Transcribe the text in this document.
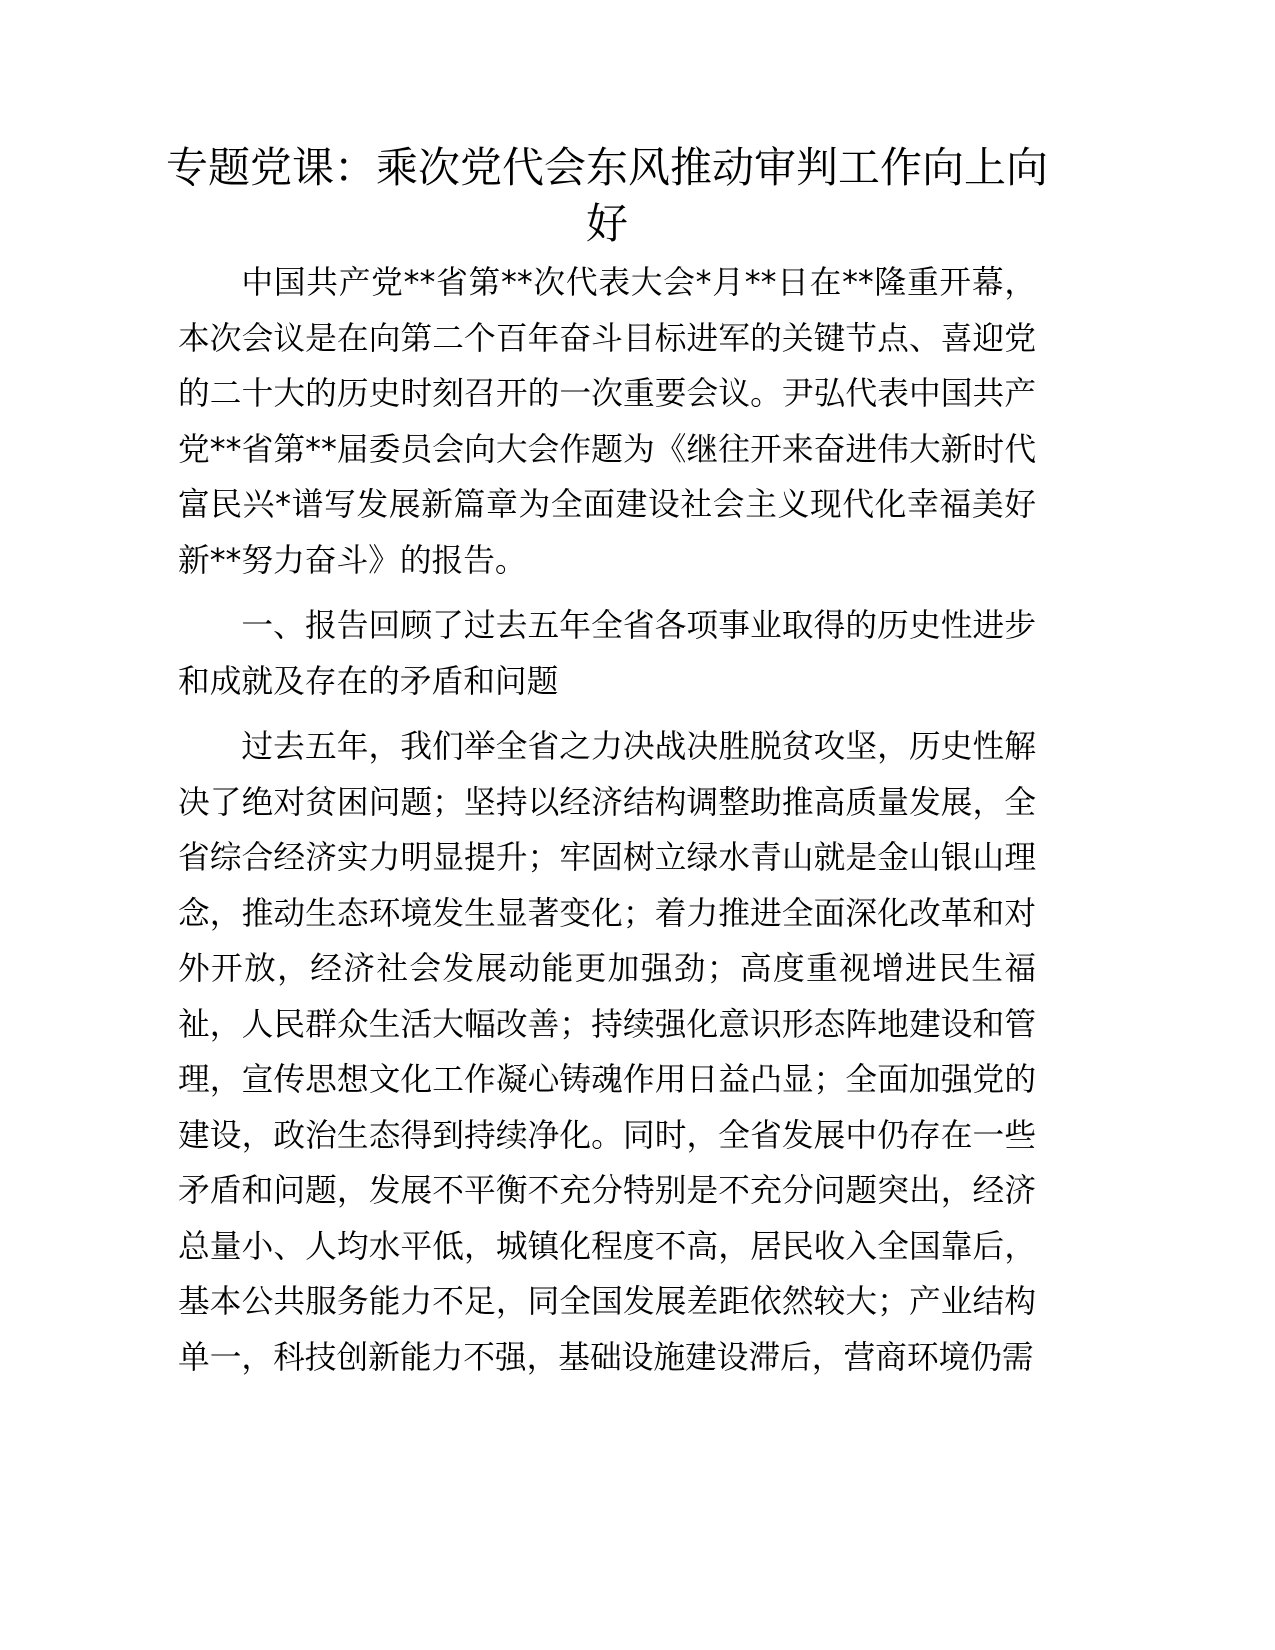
专题党课：乘次党代会东风推动审判工作向上向好

中国共产党**省第**次代表大会*月**日在**隆重开幕，本次会议是在向第二个百年奋斗目标进军的关键节点、喜迎党的二十大的历史时刻召开的一次重要会议。尹弘代表中国共产党**省第**届委员会向大会作题为《继往开来奋进伟大新时代富民兴*谱写发展新篇章为全面建设社会主义现代化幸福美好新**努力奋斗》的报告。

一、报告回顾了过去五年全省各项事业取得的历史性进步和成就及存在的矛盾和问题

过去五年，我们举全省之力决战决胜脱贫攻坚，历史性解决了绝对贫困问题；坚持以经济结构调整助推高质量发展，全省综合经济实力明显提升；牢固树立绿水青山就是金山银山理念，推动生态环境发生显著变化；着力推进全面深化改革和对外开放，经济社会发展动能更加强劲；高度重视增进民生福祉，人民群众生活大幅改善；持续强化意识形态阵地建设和管理，宣传思想文化工作凝心铸魂作用日益凸显；全面加强党的建设，政治生态得到持续净化。同时，全省发展中仍存在一些矛盾和问题，发展不平衡不充分特别是不充分问题突出，经济总量小、人均水平低，城镇化程度不高，居民收入全国靠后，基本公共服务能力不足，同全国发展差距依然较大；产业结构单一，科技创新能力不强，基础设施建设滞后，营商环境仍需
